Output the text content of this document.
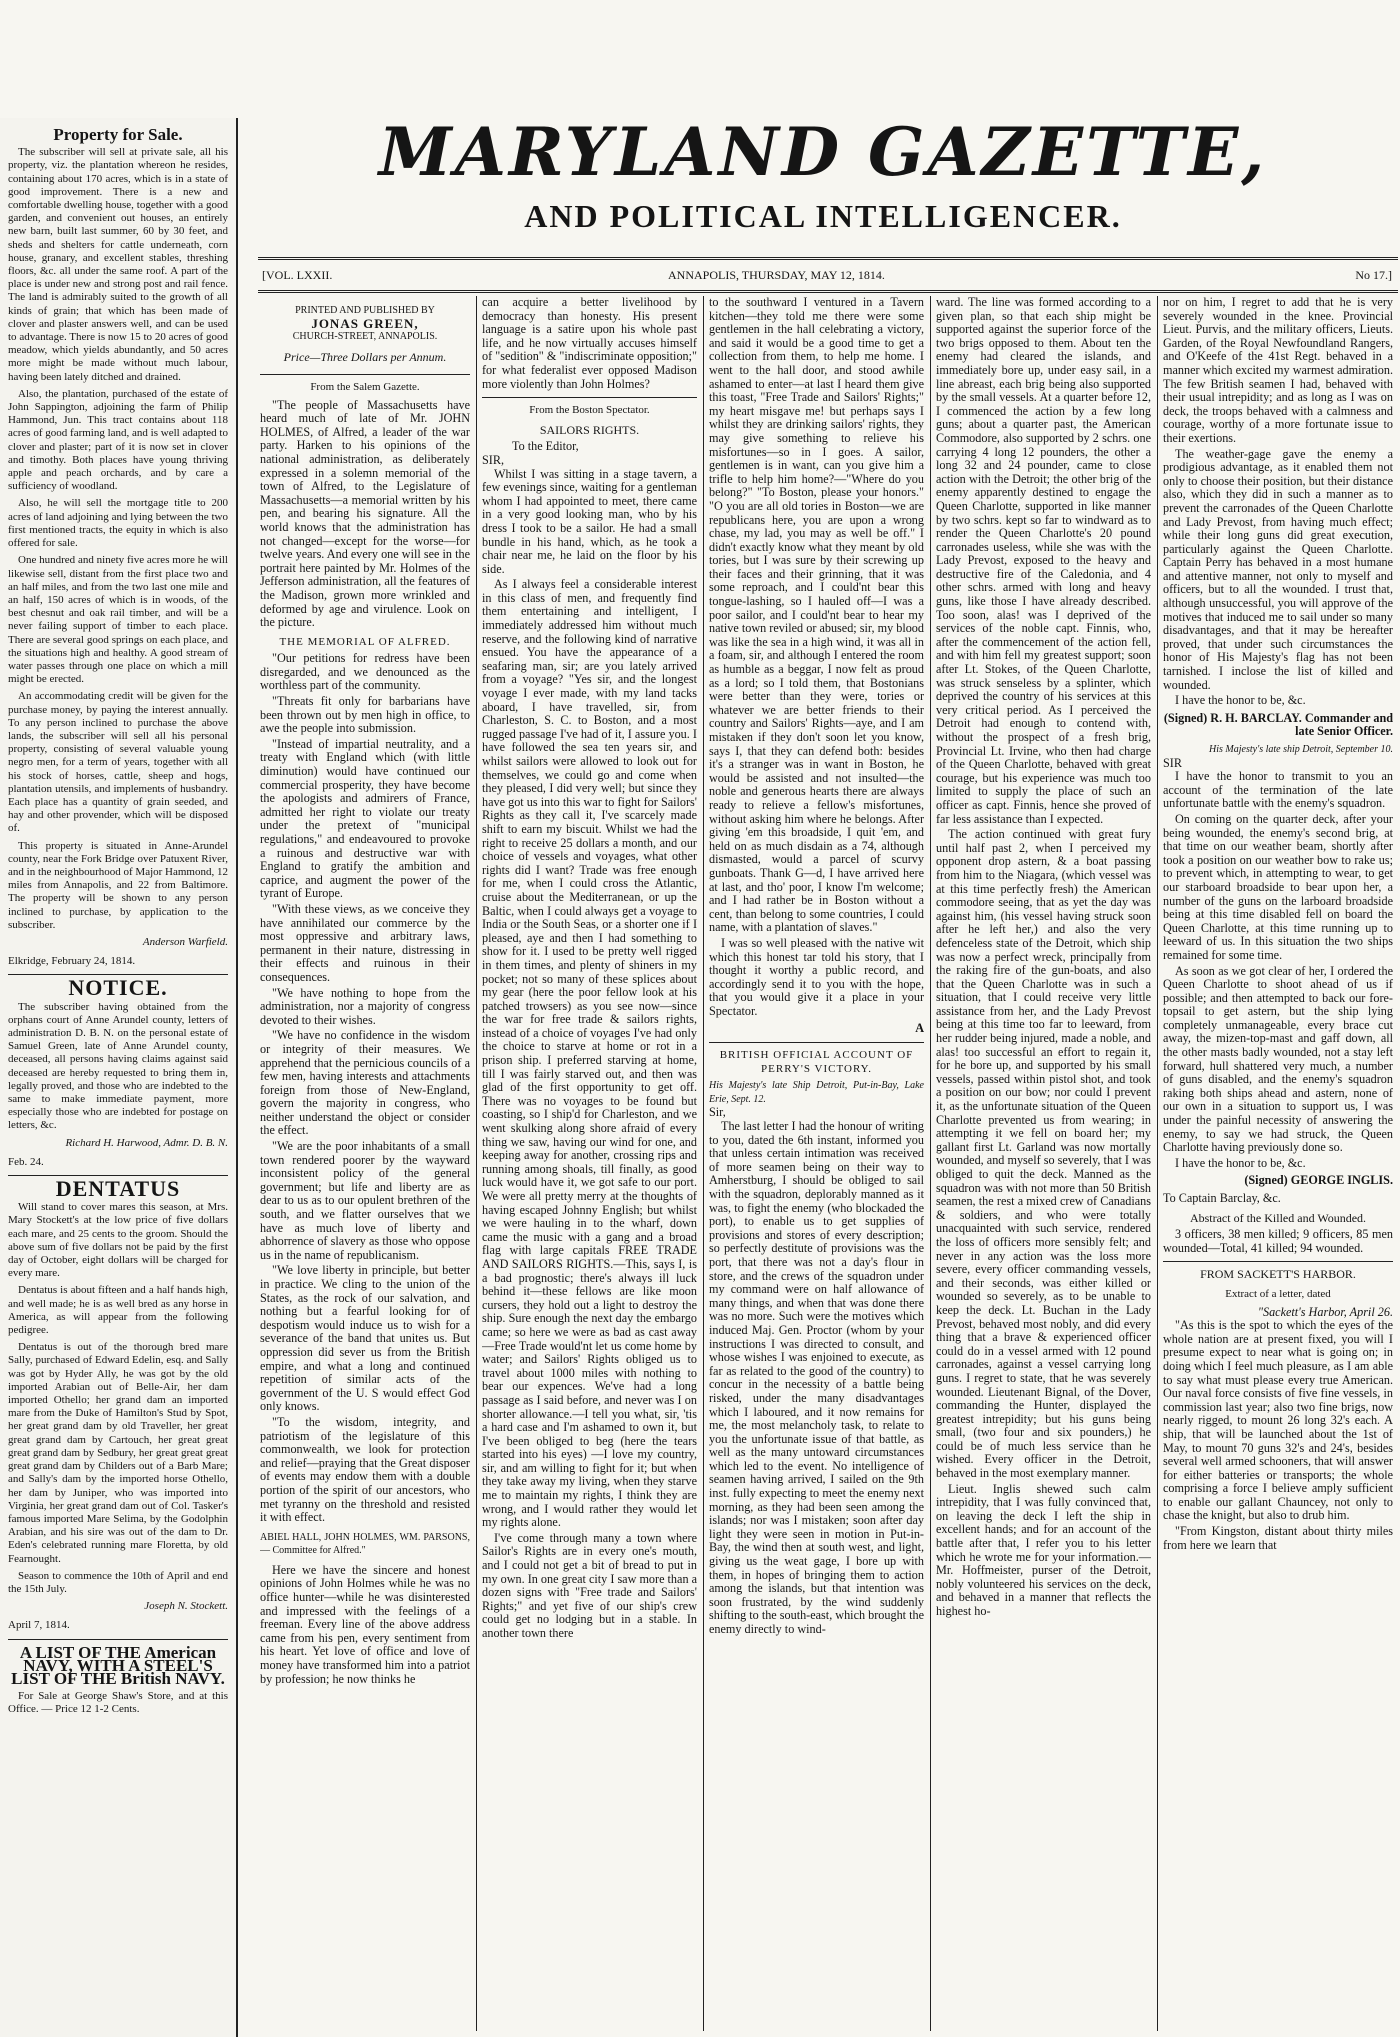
Property for Sale.

The subscriber will sell at private sale, all his property, viz. the plantation whereon he resides, containing about 170 acres, which is in a state of good improvement. There is a new and comfortable dwelling house, together with a good garden, and convenient out houses, an entirely new barn, built last summer, 60 by 30 feet, and sheds and shelters for cattle underneath, corn house, granary, and excellent stables, threshing floors, &c. all under the same roof. A part of the place is under new and strong post and rail fence. The land is admirably suited to the growth of all kinds of grain; that which has been made of clover and plaster answers well, and can be used to advantage. There is now 15 to 20 acres of good meadow, which yields abundantly, and 50 acres more might be made without much labour, having been lately ditched and drained.

Also, the plantation, purchased of the estate of John Sappington, adjoining the farm of Philip Hammond, Jun. This tract contains about 118 acres of good farming land, and is well adapted to clover and plaster; part of it is now set in clover and timothy. Both places have young thriving apple and peach orchards, and by care a sufficiency of woodland.

Also, he will sell the mortgage title to 200 acres of land adjoining and lying between the two first mentioned tracts, the equity in which is also offered for sale.

One hundred and ninety five acres more he will likewise sell, distant from the first place two and an half miles, and from the two last one mile and an half, 150 acres of which is in woods, of the best chesnut and oak rail timber, and will be a never failing support of timber to each place. There are several good springs on each place, and the situations high and healthy. A good stream of water passes through one place on which a mill might be erected.

An accommodating credit will be given for the purchase money, by paying the interest annually. To any person inclined to purchase the above lands, the subscriber will sell all his personal property, consisting of several valuable young negro men, for a term of years, together with all his stock of horses, cattle, sheep and hogs, plantation utensils, and implements of husbandry. Each place has a quantity of grain seeded, and hay and other provender, which will be disposed of.

This property is situated in Anne-Arundel county, near the Fork Bridge over Patuxent River, and in the neighbourhood of Major Hammond, 12 miles from Annapolis, and 22 from Baltimore. The property will be shown to any person inclined to purchase, by application to the subscriber.

Anderson Warfield.
Elkridge, February 24, 1814.
NOTICE.

The subscriber having obtained from the orphans court of Anne Arundel county, letters of administration D. B. N. on the personal estate of Samuel Green, late of Anne Arundel county, deceased, all persons having claims against said deceased are hereby requested to bring them in, legally proved, and those who are indebted to the same to make immediate payment, more especially those who are indebted for postage on letters, &c.

Richard H. Harwood, Admr. D. B. N.
Feb. 24.
DENTATUS

Will stand to cover mares this season, at Mrs. Mary Stockett's at the low price of five dollars each mare, and 25 cents to the groom. Should the above sum of five dollars not be paid by the first day of October, eight dollars will be charged for every mare.

Dentatus is about fifteen and a half hands high, and well made; he is as well bred as any horse in America, as will appear from the following pedigree.

Dentatus is out of the thorough bred mare Sally, purchased of Edward Edelin, esq. and Sally was got by Hyder Ally, he was got by the old imported Arabian out of Belle-Air, her dam imported Othello; her grand dam an imported mare from the Duke of Hamilton's Stud by Spot, her great grand dam by old Traveller, her great great grand dam by Cartouch, her great great great grand dam by Sedbury, her great great great great grand dam by Childers out of a Barb Mare; and Sally's dam by the imported horse Othello, her dam by Juniper, who was imported into Virginia, her great grand dam out of Col. Tasker's famous imported Mare Selima, by the Godolphin Arabian, and his sire was out of the dam to Dr. Eden's celebrated running mare Floretta, by old Fearnought.

Season to commence the 10th of April and end the 15th July.

Joseph N. Stockett.
April 7, 1814.
A LIST OF THE American NAVY, WITH A STEEL'S LIST OF THE British NAVY.

For Sale at George Shaw's Store, and at this Office. — Price 12 1-2 Cents.

MARYLAND GAZETTE,
AND POLITICAL INTELLIGENCER.
[VOL. LXXII.	ANNAPOLIS, THURSDAY, MAY 12, 1814.	No 17.]
PRINTED AND PUBLISHED BY
JONAS GREEN,
CHURCH-STREET, ANNAPOLIS.
Price—Three Dollars per Annum.
From the Salem Gazette.

"The people of Massachusetts have heard much of late of Mr. JOHN HOLMES, of Alfred, a leader of the war party. Harken to his opinions of the national administration, as deliberately expressed in a solemn memorial of the town of Alfred, to the Legislature of Massachusetts—a memorial written by his pen, and bearing his signature. All the world knows that the administration has not changed—except for the worse—for twelve years. And every one will see in the portrait here painted by Mr. Holmes of the Jefferson administration, all the features of the Madison, grown more wrinkled and deformed by age and virulence. Look on the picture.

THE MEMORIAL OF ALFRED.

"Our petitions for redress have been disregarded, and we denounced as the worthless part of the community.

"Threats fit only for barbarians have been thrown out by men high in office, to awe the people into submission.

"Instead of impartial neutrality, and a treaty with England which (with little diminution) would have continued our commercial prosperity, they have become the apologists and admirers of France, admitted her right to violate our treaty under the pretext of "municipal regulations," and endeavoured to provoke a ruinous and destructive war with England to gratify the ambition and caprice, and augment the power of the tyrant of Europe.

"With these views, as we conceive they have annihilated our commerce by the most oppressive and arbitrary laws, permanent in their nature, distressing in their effects and ruinous in their consequences.

"We have nothing to hope from the administration, nor a majority of congress devoted to their wishes.

"We have no confidence in the wisdom or integrity of their measures. We apprehend that the pernicious councils of a few men, having interests and attachments foreign from those of New-England, govern the majority in congress, who neither understand the object or consider the effect.

"We are the poor inhabitants of a small town rendered poorer by the wayward inconsistent policy of the general government; but life and liberty are as dear to us as to our opulent brethren of the south, and we flatter ourselves that we have as much love of liberty and abhorrence of slavery as those who oppose us in the name of republicanism.

"We love liberty in principle, but better in practice. We cling to the union of the States, as the rock of our salvation, and nothing but a fearful looking for of despotism would induce us to wish for a severance of the band that unites us. But oppression did sever us from the British empire, and what a long and continued repetition of similar acts of the government of the U. S would effect God only knows.

"To the wisdom, integrity, and patriotism of the legislature of this commonwealth, we look for protection and relief—praying that the Great disposer of events may endow them with a double portion of the spirit of our ancestors, who met tyranny on the threshold and resisted it with effect.

ABIEL HALL, JOHN HOLMES, WM. PARSONS, — Committee for Alfred."

Here we have the sincere and honest opinions of John Holmes while he was no office hunter—while he was disinterested and impressed with the feelings of a freeman. Every line of the above address came from his pen, every sentiment from his heart. Yet love of office and love of money have transformed him into a patriot by profession; he now thinks he

can acquire a better livelihood by democracy than honesty. His present language is a satire upon his whole past life, and he now virtually accuses himself of "sedition" & "indiscriminate opposition;" for what federalist ever opposed Madison more violently than John Holmes?

From the Boston Spectator.
SAILORS RIGHTS.
To the Editor,
SIR,

Whilst I was sitting in a stage tavern, a few evenings since, waiting for a gentleman whom I had appointed to meet, there came in a very good looking man, who by his dress I took to be a sailor. He had a small bundle in his hand, which, as he took a chair near me, he laid on the floor by his side.

As I always feel a considerable interest in this class of men, and frequently find them entertaining and intelligent, I immediately addressed him without much reserve, and the following kind of narrative ensued. You have the appearance of a seafaring man, sir; are you lately arrived from a voyage? "Yes sir, and the longest voyage I ever made, with my land tacks aboard, I have travelled, sir, from Charleston, S. C. to Boston, and a most rugged passage I've had of it, I assure you. I have followed the sea ten years sir, and whilst sailors were allowed to look out for themselves, we could go and come when they pleased, I did very well; but since they have got us into this war to fight for Sailors' Rights as they call it, I've scarcely made shift to earn my biscuit. Whilst we had the right to receive 25 dollars a month, and our choice of vessels and voyages, what other rights did I want? Trade was free enough for me, when I could cross the Atlantic, cruise about the Mediterranean, or up the Baltic, when I could always get a voyage to India or the South Seas, or a shorter one if I pleased, aye and then I had something to show for it. I used to be pretty well rigged in them times, and plenty of shiners in my pocket; not so many of these splices about my gear (here the poor fellow look at his patched trowsers) as you see now—since the war for free trade & sailors rights, instead of a choice of voyages I've had only the choice to starve at home or rot in a prison ship. I preferred starving at home, till I was fairly starved out, and then was glad of the first opportunity to get off. There was no voyages to be found but coasting, so I ship'd for Charleston, and we went skulking along shore afraid of every thing we saw, having our wind for one, and keeping away for another, crossing rips and running among shoals, till finally, as good luck would have it, we got safe to our port. We were all pretty merry at the thoughts of having escaped Johnny English; but whilst we were hauling in to the wharf, down came the music with a gang and a broad flag with large capitals FREE TRADE AND SAILORS RIGHTS.—This, says I, is a bad prognostic; there's always ill luck behind it—these fellows are like moon cursers, they hold out a light to destroy the ship. Sure enough the next day the embargo came; so here we were as bad as cast away—Free Trade would'nt let us come home by water; and Sailors' Rights obliged us to travel about 1000 miles with nothing to bear our expences. We've had a long passage as I said before, and never was I on shorter allowance.—I tell you what, sir, 'tis a hard case and I'm ashamed to own it, but I've been obliged to beg (here the tears started into his eyes) —I love my country, sir, and am willing to fight for it; but when they take away my living, when they starve me to maintain my rights, I think they are wrong, and I would rather they would let my rights alone.

I've come through many a town where Sailor's Rights are in every one's mouth, and I could not get a bit of bread to put in my own. In one great city I saw more than a dozen signs with "Free trade and Sailors' Rights;" and yet five of our ship's crew could get no lodging but in a stable. In another town there

to the southward I ventured in a Tavern kitchen—they told me there were some gentlemen in the hall celebrating a victory, and said it would be a good time to get a collection from them, to help me home. I went to the hall door, and stood awhile ashamed to enter—at last I heard them give this toast, "Free Trade and Sailors' Rights;" my heart misgave me! but perhaps says I whilst they are drinking sailors' rights, they may give something to relieve his misfortunes—so in I goes. A sailor, gentlemen is in want, can you give him a trifle to help him home?—"Where do you belong?" "To Boston, please your honors." "O you are all old tories in Boston—we are republicans here, you are upon a wrong chase, my lad, you may as well be off." I didn't exactly know what they meant by old tories, but I was sure by their screwing up their faces and their grinning, that it was some reproach, and I could'nt bear this tongue-lashing, so I hauled off—I was a poor sailor, and I could'nt bear to hear my native town reviled or abused; sir, my blood was like the sea in a high wind, it was all in a foam, sir, and although I entered the room as humble as a beggar, I now felt as proud as a lord; so I told them, that Bostonians were better than they were, tories or whatever we are better friends to their country and Sailors' Rights—aye, and I am mistaken if they don't soon let you know, says I, that they can defend both: besides it's a stranger was in want in Boston, he would be assisted and not insulted—the noble and generous hearts there are always ready to relieve a fellow's misfortunes, without asking him where he belongs. After giving 'em this broadside, I quit 'em, and held on as much disdain as a 74, although dismasted, would a parcel of scurvy gunboats. Thank G—d, I have arrived here at last, and tho' poor, I know I'm welcome; and I had rather be in Boston without a cent, than belong to some countries, I could name, with a plantation of slaves."

I was so well pleased with the native wit which this honest tar told his story, that I thought it worthy a public record, and accordingly send it to you with the hope, that you would give it a place in your Spectator.

A
BRITISH OFFICIAL ACCOUNT OF PERRY'S VICTORY.
His Majesty's late Ship Detroit, Put-in-Bay, Lake Erie, Sept. 12.
Sir,

The last letter I had the honour of writing to you, dated the 6th instant, informed you that unless certain intimation was received of more seamen being on their way to Amherstburg, I should be obliged to sail with the squadron, deplorably manned as it was, to fight the enemy (who blockaded the port), to enable us to get supplies of provisions and stores of every description; so perfectly destitute of provisions was the port, that there was not a day's flour in store, and the crews of the squadron under my command were on half allowance of many things, and when that was done there was no more. Such were the motives which induced Maj. Gen. Proctor (whom by your instructions I was directed to consult, and whose wishes I was enjoined to execute, as far as related to the good of the country) to concur in the necessity of a battle being risked, under the many disadvantages which I laboured, and it now remains for me, the most melancholy task, to relate to you the unfortunate issue of that battle, as well as the many untoward circumstances which led to the event. No intelligence of seamen having arrived, I sailed on the 9th inst. fully expecting to meet the enemy next morning, as they had been seen among the islands; nor was I mistaken; soon after day light they were seen in motion in Put-in-Bay, the wind then at south west, and light, giving us the weat gage, I bore up with them, in hopes of bringing them to action among the islands, but that intention was soon frustrated, by the wind suddenly shifting to the south-east, which brought the enemy directly to wind-

ward. The line was formed according to a given plan, so that each ship might be supported against the superior force of the two brigs opposed to them. About ten the enemy had cleared the islands, and immediately bore up, under easy sail, in a line abreast, each brig being also supported by the small vessels. At a quarter before 12, I commenced the action by a few long guns; about a quarter past, the American Commodore, also supported by 2 schrs. one carrying 4 long 12 pounders, the other a long 32 and 24 pounder, came to close action with the Detroit; the other brig of the enemy apparently destined to engage the Queen Charlotte, supported in like manner by two schrs. kept so far to windward as to render the Queen Charlotte's 20 pound carronades useless, while she was with the Lady Prevost, exposed to the heavy and destructive fire of the Caledonia, and 4 other schrs. armed with long and heavy guns, like those I have already described. Too soon, alas! was I deprived of the services of the noble capt. Finnis, who, after the commencement of the action fell, and with him fell my greatest support; soon after Lt. Stokes, of the Queen Charlotte, was struck senseless by a splinter, which deprived the country of his services at this very critical period. As I perceived the Detroit had enough to contend with, without the prospect of a fresh brig, Provincial Lt. Irvine, who then had charge of the Queen Charlotte, behaved with great courage, but his experience was much too limited to supply the place of such an officer as capt. Finnis, hence she proved of far less assistance than I expected.

The action continued with great fury until half past 2, when I perceived my opponent drop astern, & a boat passing from him to the Niagara, (which vessel was at this time perfectly fresh) the American commodore seeing, that as yet the day was against him, (his vessel having struck soon after he left her,) and also the very defenceless state of the Detroit, which ship was now a perfect wreck, principally from the raking fire of the gun-boats, and also that the Queen Charlotte was in such a situation, that I could receive very little assistance from her, and the Lady Prevost being at this time too far to leeward, from her rudder being injured, made a noble, and alas! too successful an effort to regain it, for he bore up, and supported by his small vessels, passed within pistol shot, and took a position on our bow; nor could I prevent it, as the unfortunate situation of the Queen Charlotte prevented us from wearing; in attempting it we fell on board her; my gallant first Lt. Garland was now mortally wounded, and myself so severely, that I was obliged to quit the deck. Manned as the squadron was with not more than 50 British seamen, the rest a mixed crew of Canadians & soldiers, and who were totally unacquainted with such service, rendered the loss of officers more sensibly felt; and never in any action was the loss more severe, every officer commanding vessels, and their seconds, was either killed or wounded so severely, as to be unable to keep the deck. Lt. Buchan in the Lady Prevost, behaved most nobly, and did every thing that a brave & experienced officer could do in a vessel armed with 12 pound carronades, against a vessel carrying long guns. I regret to state, that he was severely wounded. Lieutenant Bignal, of the Dover, commanding the Hunter, displayed the greatest intrepidity; but his guns being small, (two four and six pounders,) he could be of much less service than he wished. Every officer in the Detroit, behaved in the most exemplary manner.

Lieut. Inglis shewed such calm intrepidity, that I was fully convinced that, on leaving the deck I left the ship in excellent hands; and for an account of the battle after that, I refer you to his letter which he wrote me for your information.— Mr. Hoffmeister, purser of the Detroit, nobly volunteered his services on the deck, and behaved in a manner that reflects the highest ho-

nor on him, I regret to add that he is very severely wounded in the knee. Provincial Lieut. Purvis, and the military officers, Lieuts. Garden, of the Royal Newfoundland Rangers, and O'Keefe of the 41st Regt. behaved in a manner which excited my warmest admiration. The few British seamen I had, behaved with their usual intrepidity; and as long as I was on deck, the troops behaved with a calmness and courage, worthy of a more fortunate issue to their exertions.

The weather-gage gave the enemy a prodigious advantage, as it enabled them not only to choose their position, but their distance also, which they did in such a manner as to prevent the carronades of the Queen Charlotte and Lady Prevost, from having much effect; while their long guns did great execution, particularly against the Queen Charlotte. Captain Perry has behaved in a most humane and attentive manner, not only to myself and officers, but to all the wounded. I trust that, although unsuccessful, you will approve of the motives that induced me to sail under so many disadvantages, and that it may be hereafter proved, that under such circumstances the honor of His Majesty's flag has not been tarnished. I inclose the list of killed and wounded.

I have the honor to be, &c.

(Signed) R. H. BARCLAY. Commander and late Senior Officer.
His Majesty's late ship Detroit, September 10.
SIR

I have the honor to transmit to you an account of the termination of the late unfortunate battle with the enemy's squadron.

On coming on the quarter deck, after your being wounded, the enemy's second brig, at that time on our weather beam, shortly after took a position on our weather bow to rake us; to prevent which, in attempting to wear, to get our starboard broadside to bear upon her, a number of the guns on the larboard broadside being at this time disabled fell on board the Queen Charlotte, at this time running up to leeward of us. In this situation the two ships remained for some time.

As soon as we got clear of her, I ordered the Queen Charlotte to shoot ahead of us if possible; and then attempted to back our fore-topsail to get astern, but the ship lying completely unmanageable, every brace cut away, the mizen-top-mast and gaff down, all the other masts badly wounded, not a stay left forward, hull shattered very much, a number of guns disabled, and the enemy's squadron raking both ships ahead and astern, none of our own in a situation to support us, I was under the painful necessity of answering the enemy, to say we had struck, the Queen Charlotte having previously done so.

I have the honor to be, &c.

(Signed) GEORGE INGLIS.
To Captain Barclay, &c.
Abstract of the Killed and Wounded.

3 officers, 38 men killed; 9 officers, 85 men wounded—Total, 41 killed; 94 wounded.

FROM SACKETT'S HARBOR.
Extract of a letter, dated
"Sackett's Harbor, April 26.

"As this is the spot to which the eyes of the whole nation are at present fixed, you will I presume expect to near what is going on; in doing which I feel much pleasure, as I am able to say what must please every true American. Our naval force consists of five fine vessels, in commission last year; also two fine brigs, now nearly rigged, to mount 26 long 32's each. A ship, that will be launched about the 1st of May, to mount 70 guns 32's and 24's, besides several well armed schooners, that will answer for either batteries or transports; the whole comprising a force I believe amply sufficient to enable our gallant Chauncey, not only to chase the knight, but also to drub him.

"From Kingston, distant about thirty miles from here we learn that
